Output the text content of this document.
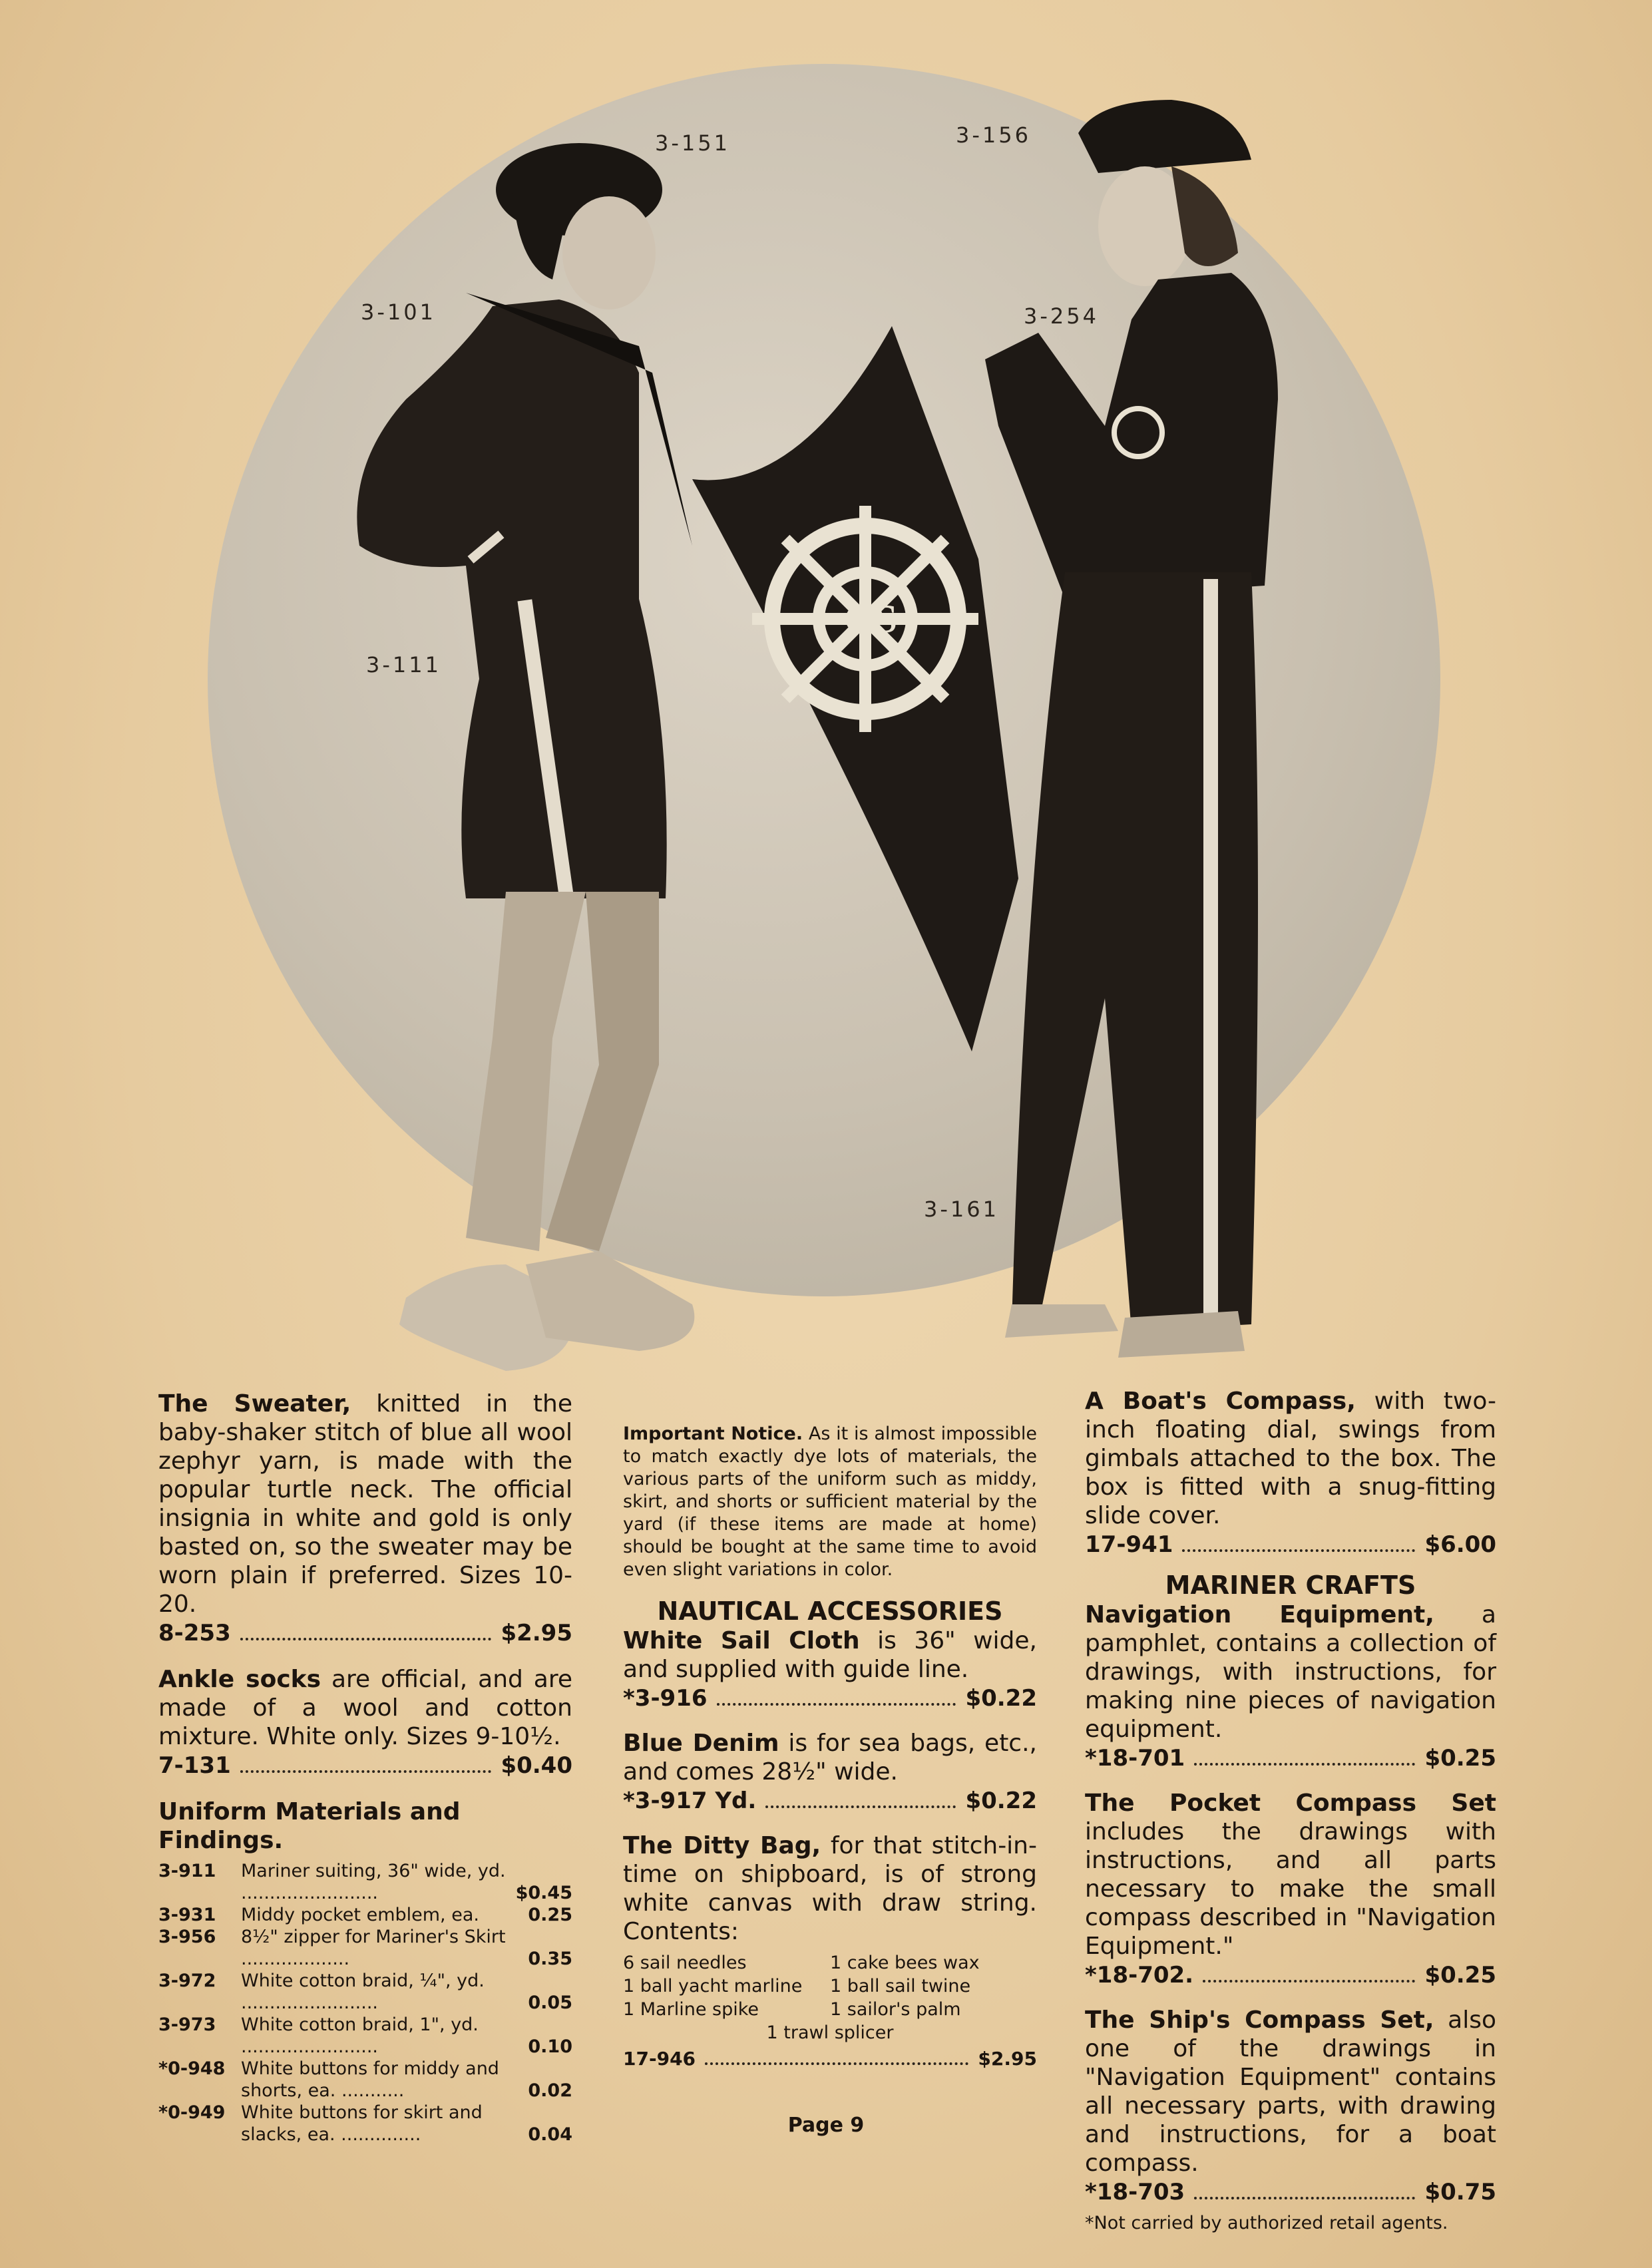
GS
3-151	3-156
3-101	3-254
3-111
3-161

The Sweater, knitted in the baby-shaker stitch of blue all wool zephyr yarn, is made with the popular turtle neck. The official insignia in white and gold is only basted on, so the sweater may be worn plain if preferred. Sizes 10-20.

8-253	$2.95

Ankle socks are official, and are made of a wool and cotton mixture. White only. Sizes 9-10½.

7-131	$0.40

Uniform Materials and Findings.

3-911	Mariner suiting, 36" wide, yd. ........................	$0.45
3-931	Middy pocket emblem, ea.	0.25
3-956	8½" zipper for Mariner's Skirt ...................	0.35
3-972	White cotton braid, ¼", yd. ........................	0.05
3-973	White cotton braid, 1", yd. ........................	0.10
*0-948	White buttons for middy and shorts, ea. ...........	0.02
*0-949	White buttons for skirt and slacks, ea. ..............	0.04

Important Notice. As it is almost impossible to match exactly dye lots of materials, the various parts of the uniform such as middy, skirt, and shorts or sufficient material by the yard (if these items are made at home) should be bought at the same time to avoid even slight variations in color.

NAUTICAL ACCESSORIES

White Sail Cloth is 36" wide, and supplied with guide line.

*3-916	$0.22

Blue Denim is for sea bags, etc., and comes 28½" wide.

*3-917 Yd.	$0.22

The Ditty Bag, for that stitch-in-time on shipboard, is of strong white canvas with draw string. Contents:

6 sail needles	1 cake bees wax
1 ball yacht marline	1 ball sail twine
1 Marline spike	1 sailor's palm
1 trawl splicer
17-946	$2.95

A Boat's Compass, with two-inch floating dial, swings from gimbals attached to the box. The box is fitted with a snug-fitting slide cover.

17-941	$6.00

MARINER CRAFTS

Navigation Equipment, a pamphlet, contains a collection of drawings, with instructions, for making nine pieces of navigation equipment.

*18-701	$0.25

The Pocket Compass Set includes the drawings with instructions, and all parts necessary to make the small compass described in "Navigation Equipment."

*18-702.	$0.25

The Ship's Compass Set, also one of the drawings in "Navigation Equipment" contains all necessary parts, with drawing and instructions, for a boat compass.

*18-703	$0.75

*Not carried by authorized retail agents.

Page 9
